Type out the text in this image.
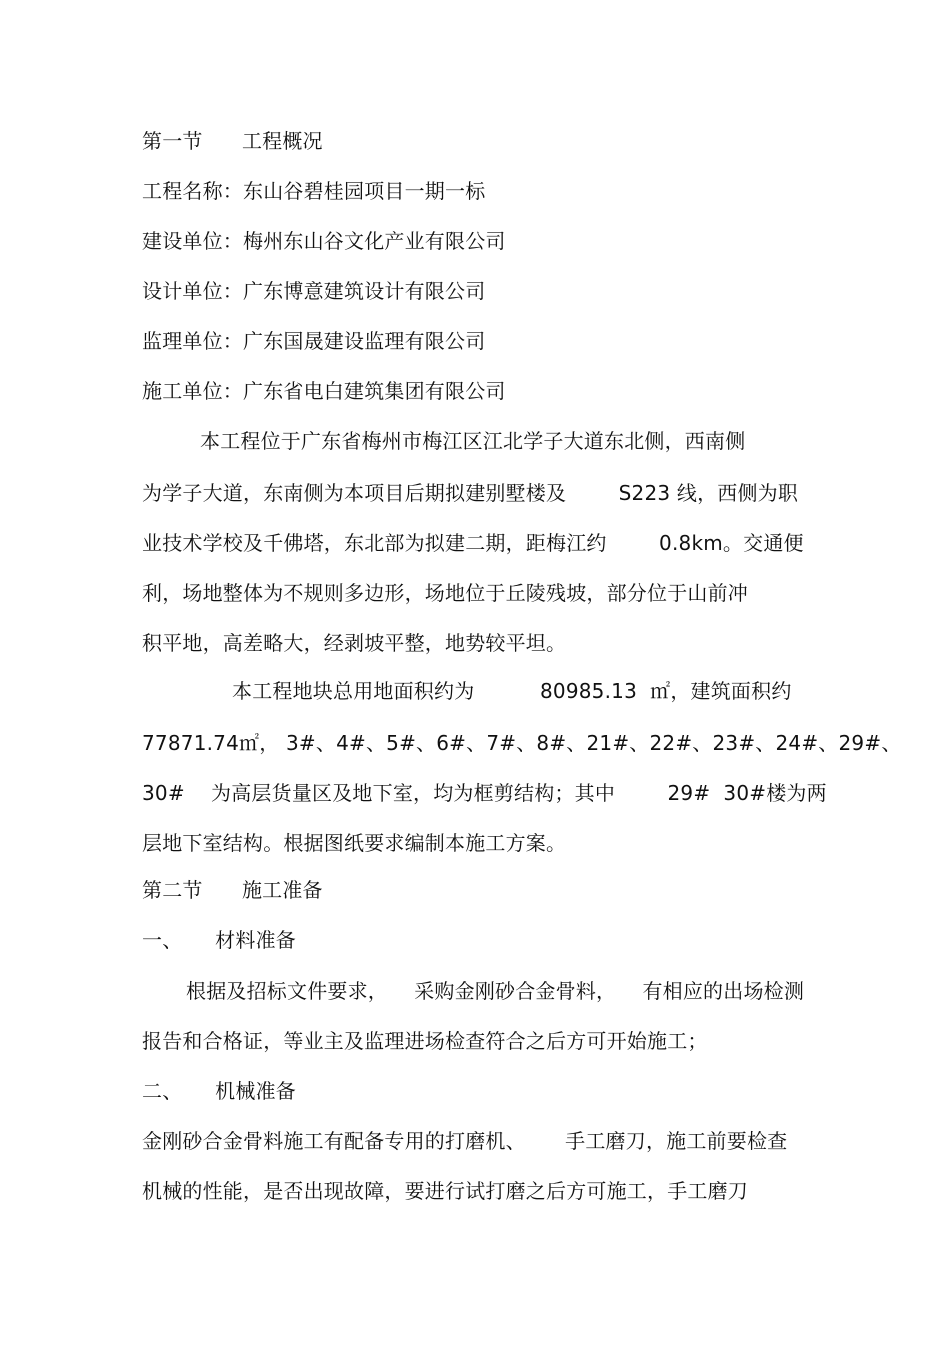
第一节      工程概况
工程名称：东山谷碧桂园项目一期一标
建设单位：梅州东山谷文化产业有限公司
设计单位：广东博意建筑设计有限公司
监理单位：广东国晟建设监理有限公司
施工单位：广东省电白建筑集团有限公司
本工程位于广东省梅州市梅江区江北学子大道东北侧，西南侧
为学子大道，东南侧为本项目后期拟建别墅楼及        S223 线，西侧为职
业技术学校及千佛塔，东北部为拟建二期，距梅江约        0.8km。交通便
利，场地整体为不规则多边形，场地位于丘陵残坡，部分位于山前冲
积平地，高差略大，经剥坡平整，地势较平坦。
本工程地块总用地面积约为          80985.13  ㎡，建筑面积约
77871.74㎡， 3#、4#、5#、6#、7#、8#、21#、22#、23#、24#、29#、
30#    为高层货量区及地下室，均为框剪结构；其中        29#  30#楼为两
层地下室结构。根据图纸要求编制本施工方案。
第二节      施工准备
一、     材料准备
根据及招标文件要求，    采购金刚砂合金骨料，    有相应的出场检测
报告和合格证，等业主及监理进场检查符合之后方可开始施工；
二、     机械准备
金刚砂合金骨料施工有配备专用的打磨机、      手工磨刀，施工前要检查
机械的性能，是否出现故障，要进行试打磨之后方可施工，手工磨刀
